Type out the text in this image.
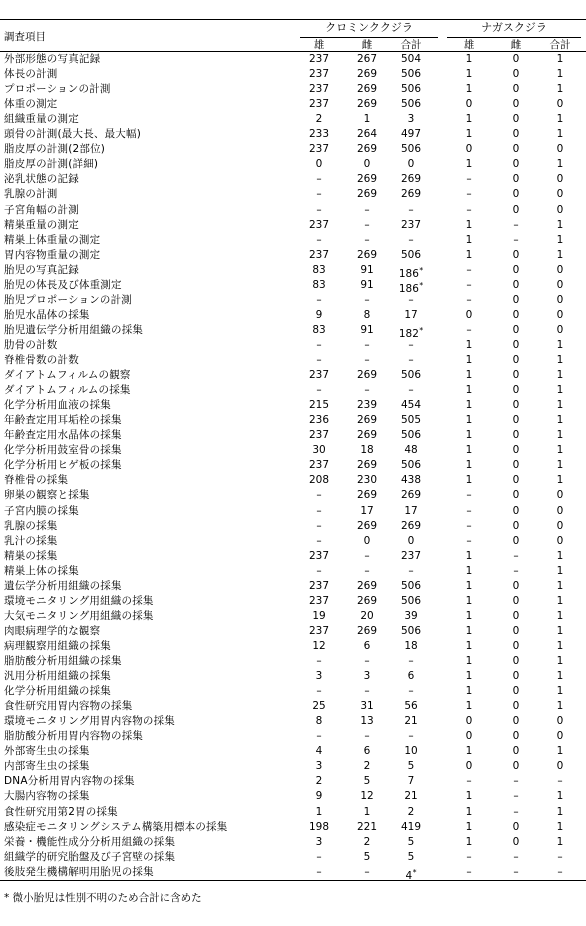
調査項目
クロミンククジラ	ナガスクジラ
雄	雌	合計	雄	雌	合計
外部形態の写真記録	237	267	504	1	0	1
体長の計測	237	269	506	1	0	1
プロポーションの計測	237	269	506	1	0	1
体重の測定	237	269	506	0	0	0
組織重量の測定	2	1	3	1	0	1
頭骨の計測(最大長、最大幅)	233	264	497	1	0	1
脂皮厚の計測(2部位)	237	269	506	0	0	0
脂皮厚の計測(詳細)	0	0	0	1	0	1
泌乳状態の記録	–	269	269	–	0	0
乳腺の計測	–	269	269	–	0	0
子宮角幅の計測	–	–	–	–	0	0
精巣重量の測定	237	–	237	1	–	1
精巣上体重量の測定	–	–	–	1	–	1
胃内容物重量の測定	237	269	506	1	0	1
胎児の写真記録	83	91	186*	–	0	0
胎児の体長及び体重測定	83	91	186*	–	0	0
胎児プロポーションの計測	–	–	–	–	0	0
胎児水晶体の採集	9	8	17	0	0	0
胎児遺伝学分析用組織の採集	83	91	182*	–	0	0
肋骨の計数	–	–	–	1	0	1
脊椎骨数の計数	–	–	–	1	0	1
ダイアトムフィルムの観察	237	269	506	1	0	1
ダイアトムフィルムの採集	–	–	–	1	0	1
化学分析用血液の採集	215	239	454	1	0	1
年齢査定用耳垢栓の採集	236	269	505	1	0	1
年齢査定用水晶体の採集	237	269	506	1	0	1
化学分析用鼓室骨の採集	30	18	48	1	0	1
化学分析用ヒゲ板の採集	237	269	506	1	0	1
脊椎骨の採集	208	230	438	1	0	1
卵巣の観察と採集	–	269	269	–	0	0
子宮内膜の採集	–	17	17	–	0	0
乳腺の採集	–	269	269	–	0	0
乳汁の採集	–	0	0	–	0	0
精巣の採集	237	–	237	1	–	1
精巣上体の採集	–	–	–	1	–	1
遺伝学分析用組織の採集	237	269	506	1	0	1
環境モニタリング用組織の採集	237	269	506	1	0	1
大気モニタリング用組織の採集	19	20	39	1	0	1
肉眼病理学的な観察	237	269	506	1	0	1
病理観察用組織の採集	12	6	18	1	0	1
脂肪酸分析用組織の採集	–	–	–	1	0	1
汎用分析用組織の採集	3	3	6	1	0	1
化学分析用組織の採集	–	–	–	1	0	1
食性研究用胃内容物の採集	25	31	56	1	0	1
環境モニタリング用胃内容物の採集	8	13	21	0	0	0
脂肪酸分析用胃内容物の採集	–	–	–	0	0	0
外部寄生虫の採集	4	6	10	1	0	1
内部寄生虫の採集	3	2	5	0	0	0
DNA分析用胃内容物の採集	2	5	7	–	–	–
大腸内容物の採集	9	12	21	1	–	1
食性研究用第2胃の採集	1	1	2	1	–	1
感染症モニタリングシステム構築用標本の採集	198	221	419	1	0	1
栄養・機能性成分分析用組織の採集	3	2	5	1	0	1
組織学的研究胎盤及び子宮壁の採集	–	5	5	–	–	–
後肢発生機構解明用胎児の採集	–	–	4*	–	–	–
* 微小胎児は性別不明のため合計に含めた
